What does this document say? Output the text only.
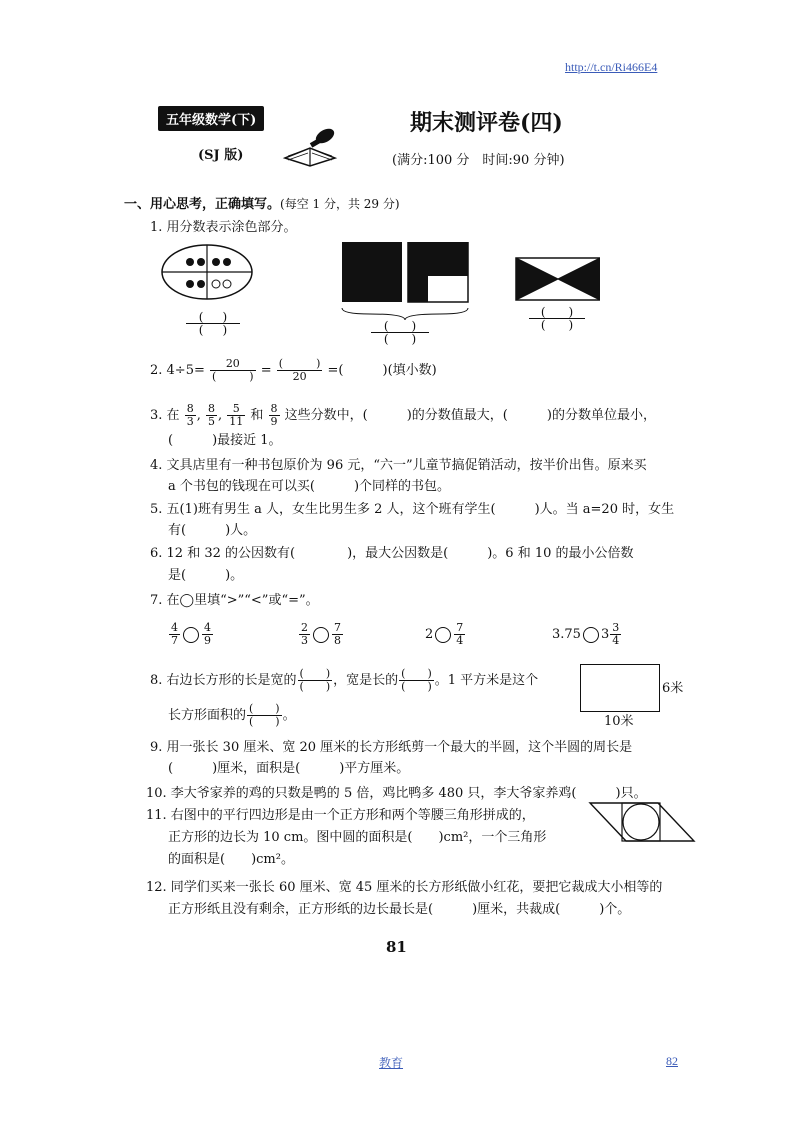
http://t.cn/Ri466E4
五年级数学(下)
(SJ 版)
期末测评卷(四)
(满分:100 分　时间:90 分钟)
一、用心思考，正确填写。(每空 1 分，共 29 分)
1. 用分数表示涂色部分。
( )
( )	( )
( )
( )
( )
2. $4\div 5= \frac{20}{( )} = \frac{( )}{20}$ =(　　　)(填小数)
3. 在 $\frac{8}{3}$ , $\frac{8}{5}$ , $\frac{5}{11}$ 和 $\frac{8}{9}$ 这些分数中，(　　　)的分数值最大，(　　　)的分数单位最小，
(　　　)最接近 1。
4. 文具店里有一种书包原价为 96 元，“六一”儿童节搞促销活动，按半价出售。原来买
a 个书包的钱现在可以买(　　　)个同样的书包。
5. 五(1)班有男生 a 人，女生比男生多 2 人，这个班有学生(　　　)人。当 a=20 时，女生
有(　　　)人。
6. 12 和 32 的公因数有(　　　　)，最大公因数是(　　　)。6 和 10 的最小公倍数
是(　　　)。
7. 在◯里填“>”“<”或“=”。
$\frac{4}{7} \frac{4}{9}$	$\frac{2}{3} \frac{7}{8}$	$2 \frac{7}{4}$	3.75 $3 \frac{3}{4}$
8. 右边长方形的长是宽的 $\frac{( )}{( )}$ ，宽是长的 $\frac{( )}{( )}$ 。1 平方米是这个
长方形面积的 $\frac{( )}{( )}$ 。
6米
10米
9. 用一张长 30 厘米、宽 20 厘米的长方形纸剪一个最大的半圆，这个半圆的周长是
(　　　)厘米，面积是(　　　)平方厘米。
10. 李大爷家养的鸡的只数是鸭的 5 倍，鸡比鸭多 480 只，李大爷家养鸡(　　　)只。
11. 右图中的平行四边形是由一个正方形和两个等腰三角形拼成的，
正方形的边长为 10 cm。图中圆的面积是(　　)cm²，一个三角形
的面积是(　　)cm²。
12. 同学们买来一张长 60 厘米、宽 45 厘米的长方形纸做小红花，要把它裁成大小相等的
正方形纸且没有剩余，正方形纸的边长最长是(　　　)厘米，共裁成(　　　)个。
81
教育	82
